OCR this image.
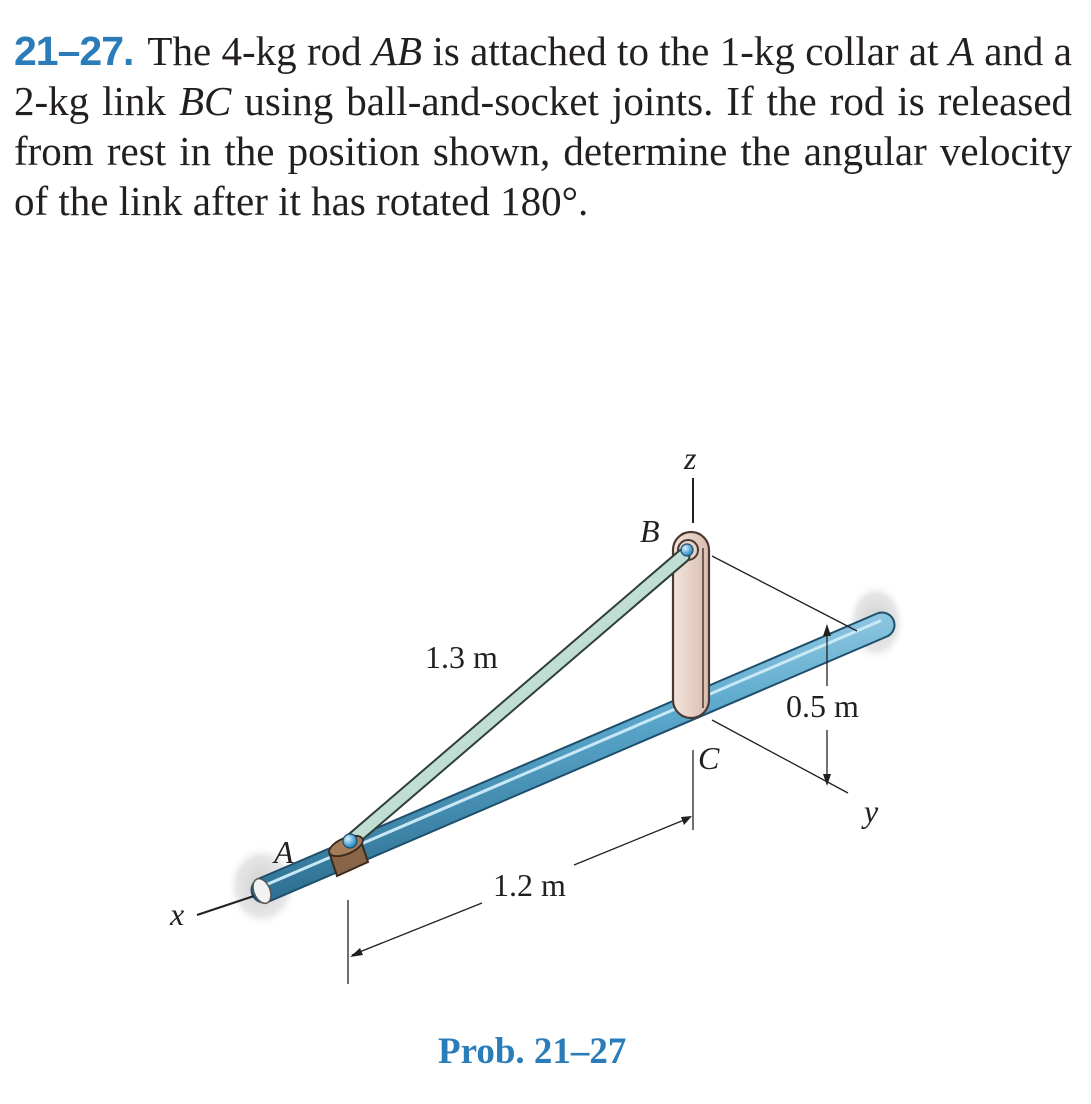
21–27. The 4-kg rod AB is attached to the 1-kg collar at A and a 2-kg link BC using ball-and-socket joints. If the rod is released from rest in the position shown, determine the angular velocity of the link after it has rotated 180°.
z
B
1.3 m
0.5 m
C
y
A
1.2 m
x
Prob. 21–27
